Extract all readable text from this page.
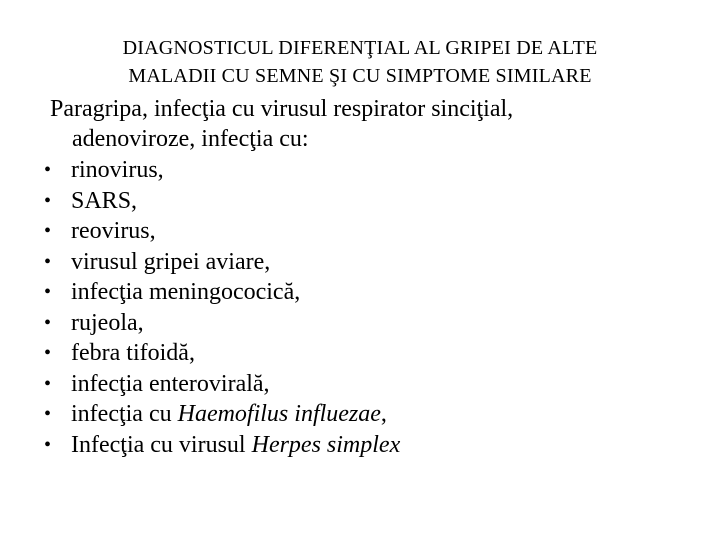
DIAGNOSTICUL DIFERENŢIAL AL GRIPEI DE ALTE
MALADII CU SEMNE ŞI CU SIMPTOME SIMILARE
Paragripa, infecţia cu virusul respirator sinciţial,
adenoviroze, infecţia cu:
• rinovirus,
• SARS,
• reovirus,
• virusul gripei aviare,
• infecţia meningococică,
• rujeola,
• febra tifoidă,
• infecţia enterovirală,
• infecţia cu Haemofilus influezae,
• Infecţia cu virusul Herpes simplex
